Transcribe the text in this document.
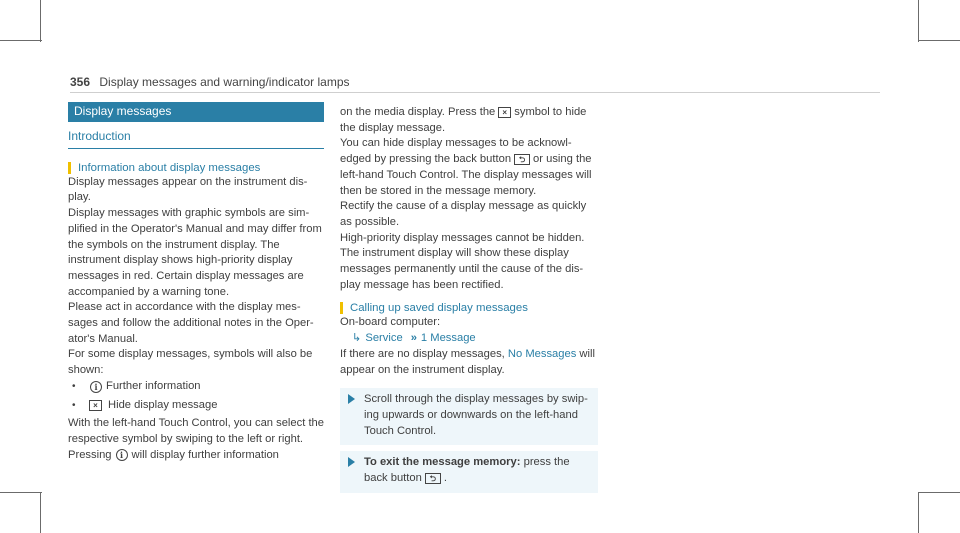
356 Display messages and warning/indicator lamps
Display messages
Introduction
Information about display messages

Display messages appear on the instrument dis-play.

Display messages with graphic symbols are sim-plified in the Operator's Manual and may differ from the symbols on the instrument display. The instrument display shows high-priority display messages in red. Certain display messages are accompanied by a warning tone.

Please act in accordance with the display mes-sages and follow the additional notes in the Oper-ator's Manual.

For some display messages, symbols will also be shown:

•	i Further information
•	× Hide display message

With the left-hand Touch Control, you can select the respective symbol by swiping to the left or right. Pressing i will display further information

on the media display. Press the × symbol to hide the display message.

You can hide display messages to be acknowl-edged by pressing the back button ⮌ or using the left-hand Touch Control. The display messages will then be stored in the message memory.

Rectify the cause of a display message as quickly as possible.

High-priority display messages cannot be hidden. The instrument display will show these display messages permanently until the cause of the dis-play message has been rectified.

Calling up saved display messages

On-board computer:

↳ Service » 1 Message

If there are no display messages, No Messages will appear on the instrument display.

Scroll through the display messages by swip-ing upwards or downwards on the left-hand Touch Control.
To exit the message memory: press the back button ⮌ .
